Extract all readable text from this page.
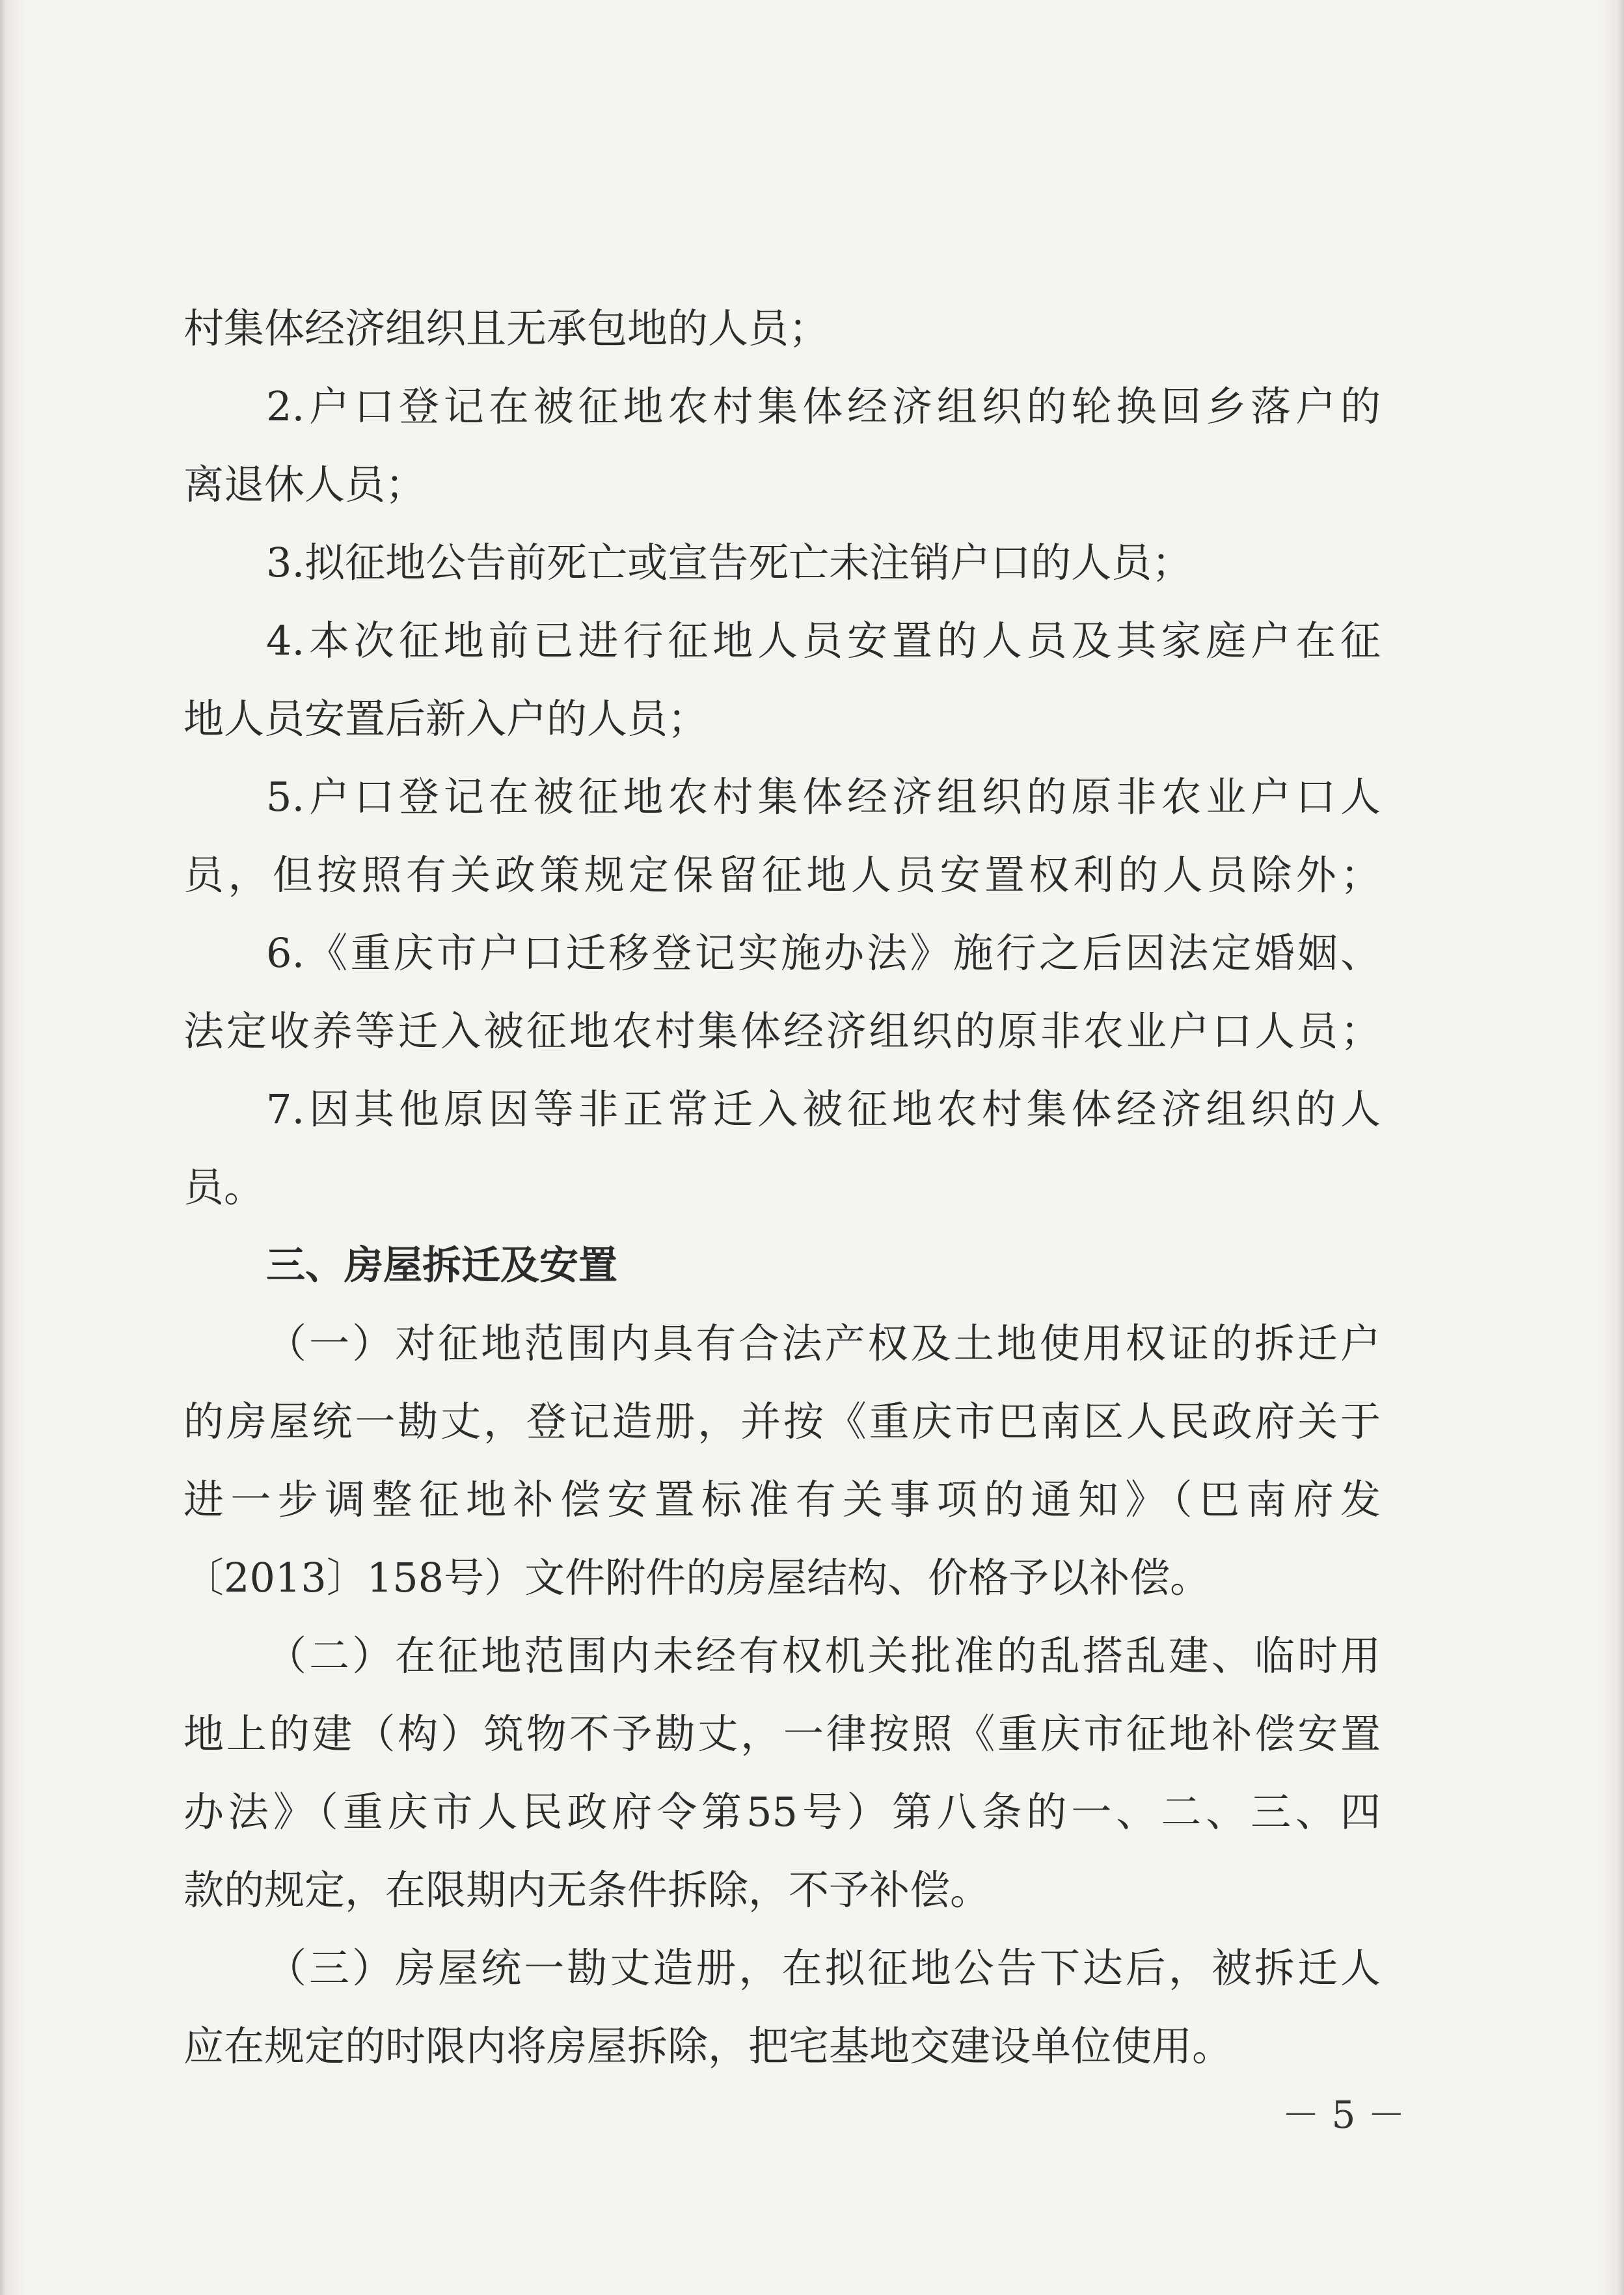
村集体经济组织且无承包地的人员；
2.户口登记在被征地农村集体经济组织的轮换回乡落户的
离退休人员；
3.拟征地公告前死亡或宣告死亡未注销户口的人员；
4.本次征地前已进行征地人员安置的人员及其家庭户在征
地人员安置后新入户的人员；
5.户口登记在被征地农村集体经济组织的原非农业户口人
员，但按照有关政策规定保留征地人员安置权利的人员除外；
6.《重庆市户口迁移登记实施办法》施行之后因法定婚姻、
法定收养等迁入被征地农村集体经济组织的原非农业户口人员；
7.因其他原因等非正常迁入被征地农村集体经济组织的人
员。
三、房屋拆迁及安置
（一）对征地范围内具有合法产权及土地使用权证的拆迁户
的房屋统一勘丈，登记造册，并按《重庆市巴南区人民政府关于
进一步调整征地补偿安置标准有关事项的通知》（巴南府发
〔2013〕158号）文件附件的房屋结构、价格予以补偿。
（二）在征地范围内未经有权机关批准的乱搭乱建、临时用
地上的建（构）筑物不予勘丈，一律按照《重庆市征地补偿安置
办法》（重庆市人民政府令第55号）第八条的一、二、三、四
款的规定，在限期内无条件拆除，不予补偿。
（三）房屋统一勘丈造册，在拟征地公告下达后，被拆迁人
应在规定的时限内将房屋拆除，把宅基地交建设单位使用。
－ 5 －
